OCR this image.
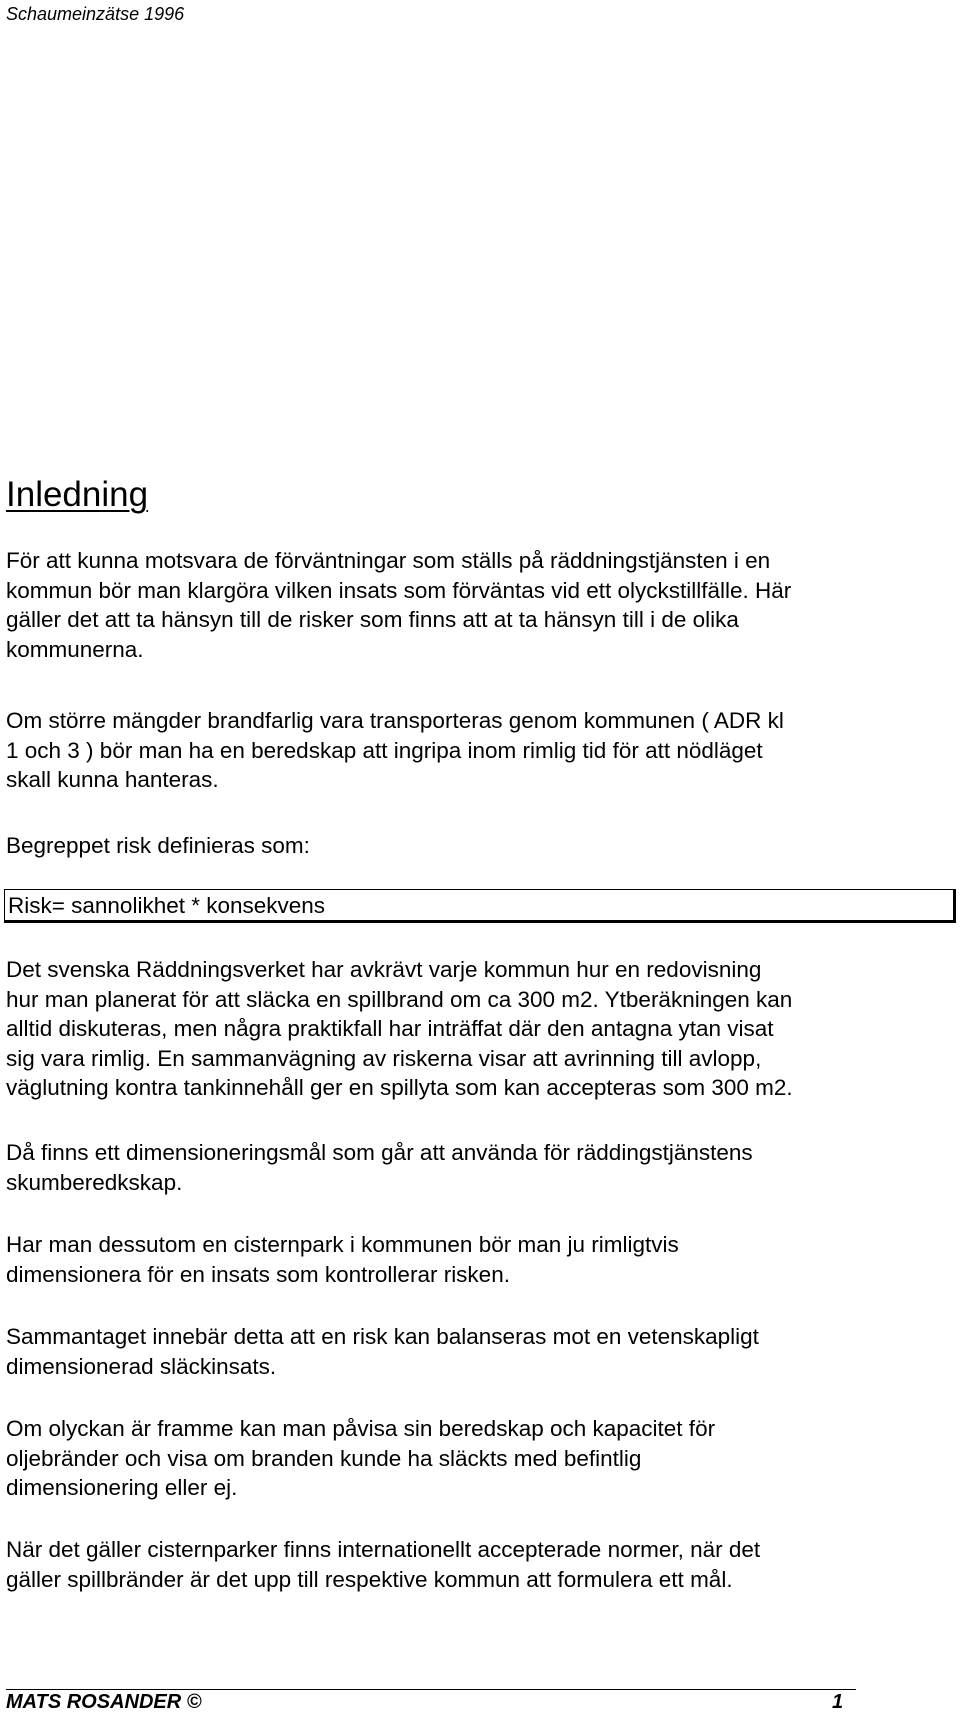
Schaumeinzätse 1996
Inledning

För att kunna motsvara de förväntningar som ställs på räddningstjänsten i en
kommun bör man klargöra vilken insats som förväntas vid ett olyckstillfälle. Här
gäller det att ta hänsyn till de risker som finns att at ta hänsyn till i de olika
kommunerna.

Om större mängder brandfarlig vara transporteras genom kommunen ( ADR kl
1 och 3 ) bör man ha en beredskap att ingripa inom rimlig tid för att nödläget
skall kunna hanteras.

Begreppet risk definieras som:

Risk= sannolikhet * konsekvens

Det svenska Räddningsverket har avkrävt varje kommun hur en redovisning
hur man planerat för att släcka en spillbrand om ca 300 m2. Ytberäkningen kan
alltid diskuteras, men några praktikfall har inträffat där den antagna ytan visat
sig vara rimlig. En sammanvägning av riskerna visar att avrinning till avlopp,
väglutning kontra tankinnehåll ger en spillyta som kan accepteras som 300 m2.

Då finns ett dimensioneringsmål som går att använda för räddingstjänstens
skumberedkskap.

Har man dessutom en cisternpark i kommunen bör man ju rimligtvis
dimensionera för en insats som kontrollerar risken.

Sammantaget innebär detta att en risk kan balanseras mot en vetenskapligt
dimensionerad släckinsats.

Om olyckan är framme kan man påvisa sin beredskap och kapacitet för
oljebränder och visa om branden kunde ha släckts med befintlig
dimensionering eller ej.

När det gäller cisternparker finns internationellt accepterade normer, när det
gäller spillbränder är det upp till respektive kommun att formulera ett mål.

MATS ROSANDER ©	1
